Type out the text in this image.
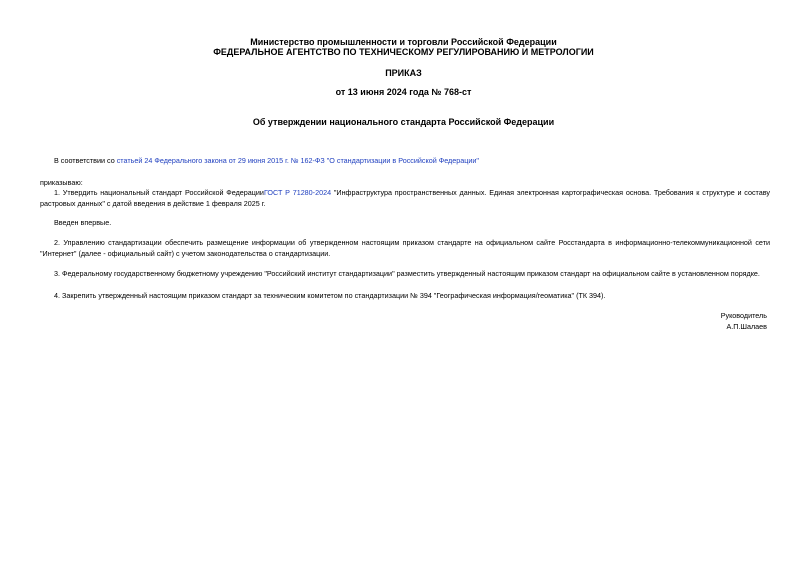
Министерство промышленности и торговли Российской Федерации
ФЕДЕРАЛЬНОЕ АГЕНТСТВО ПО ТЕХНИЧЕСКОМУ РЕГУЛИРОВАНИЮ И МЕТРОЛОГИИ
ПРИКАЗ
от 13 июня 2024 года № 768-ст
Об утверждении национального стандарта Российской Федерации
В соответствии со статьей 24 Федерального закона от 29 июня 2015 г. № 162-ФЗ "О стандартизации в Российской Федерации"
приказываю:
1. Утвердить национальный стандарт Российской ФедерацииГОСТ Р 71280-2024 "Инфраструктура пространственных данных. Единая электронная картографическая основа. Требования к структуре и составу растровых данных" с датой введения в действие 1 февраля 2025 г.
Введен впервые.
2. Управлению стандартизации обеспечить размещение информации об утвержденном настоящим приказом стандарте на официальном сайте Росстандарта в информационно-телекоммуникационной сети "Интернет" (далее - официальный сайт) с учетом законодательства о стандартизации.
3. Федеральному государственному бюджетному учреждению "Российский институт стандартизации" разместить утвержденный настоящим приказом стандарт на официальном сайте в установленном порядке.
4. Закрепить утвержденный настоящим приказом стандарт за техническим комитетом по стандартизации № 394 "Географическая информация/геоматика" (ТК 394).
Руководитель
А.П.Шалаев
